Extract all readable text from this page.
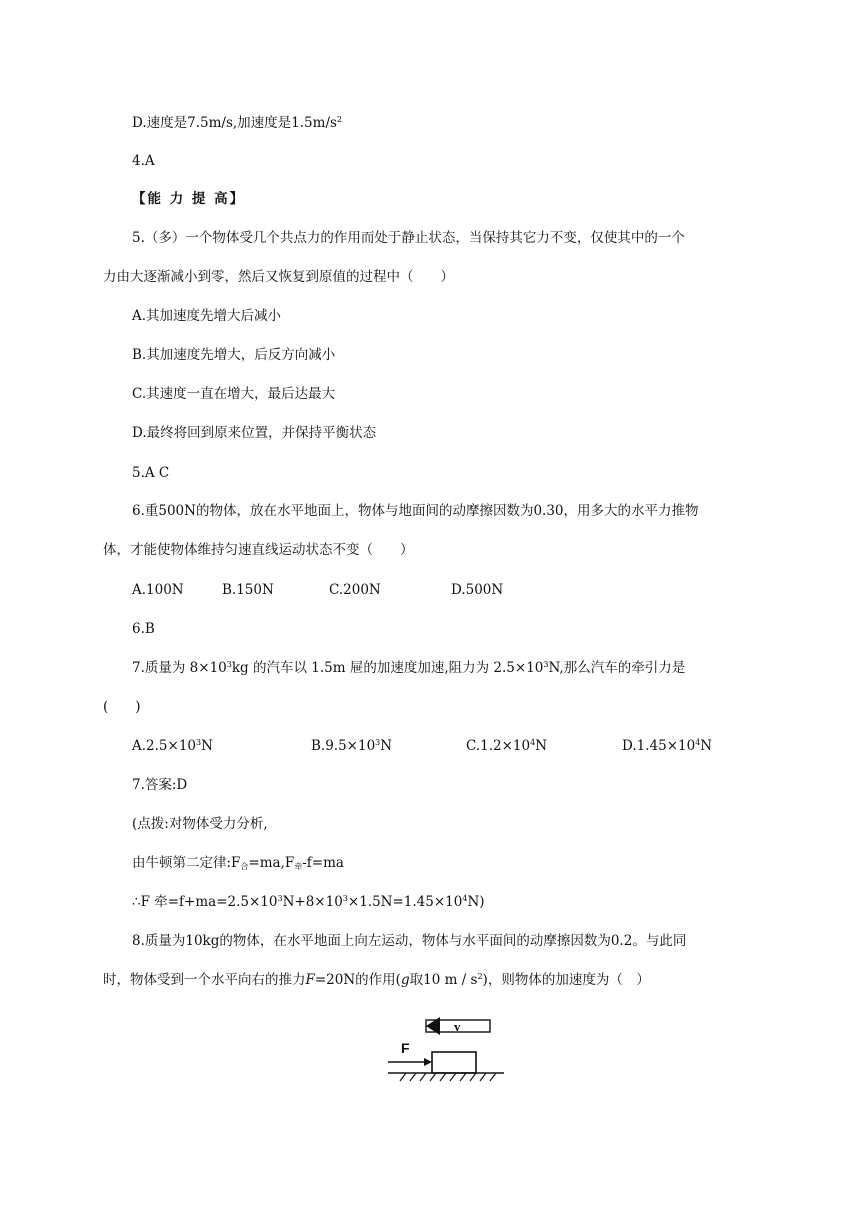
D.速度是7.5m/s,加速度是$1.5m/s^2$
4.A
【能 力 提 高】
5.（多）一个物体受几个共点力的作用而处于静止状态，当保持其它力不变，仅使其中的一个
力由大逐渐减小到零，然后又恢复到原值的过程中（　　）
A.其加速度先增大后减小
B.其加速度先增大，后反方向减小
C.其速度一直在增大，最后达最大
D.最终将回到原来位置，并保持平衡状态
5.A C
6.重500N的物体，放在水平地面上，物体与地面间的动摩擦因数为0.30，用多大的水平力推物
体，才能使物体维持匀速直线运动状态不变（　　）
A.100N	B.150N	C.200N	D.500N
6.B
7.质量为 $8\times 10^3kg$ 的汽车以 1.5m 屉的加速度加速,阻力为 $2.5\times 10^3N$,那么汽车的牵引力是
(　　)
$A.2.5\times 10^3N$	$B.9.5\times 10^3N$	$C.1.2\times 10^4N$	$D.1.45\times 10^4N$
7.答案:D
(点拨:对物体受力分析,
由牛顿第二定律$:F_合=ma,F_牵-f=ma$
∴F 牵$=f+ma=2.5\times 10^3N+8\times 10^3\times 1.5N=1.45\times 10^4N$)
8.质量为10kg的物体，在水平地面上向左运动，物体与水平面间的动摩擦因数为0.2。与此同
时，物体受到一个水平向右的推力F=20N的作用(g取10 m / $s^2$)，则物体的加速度为（　）
v
F
